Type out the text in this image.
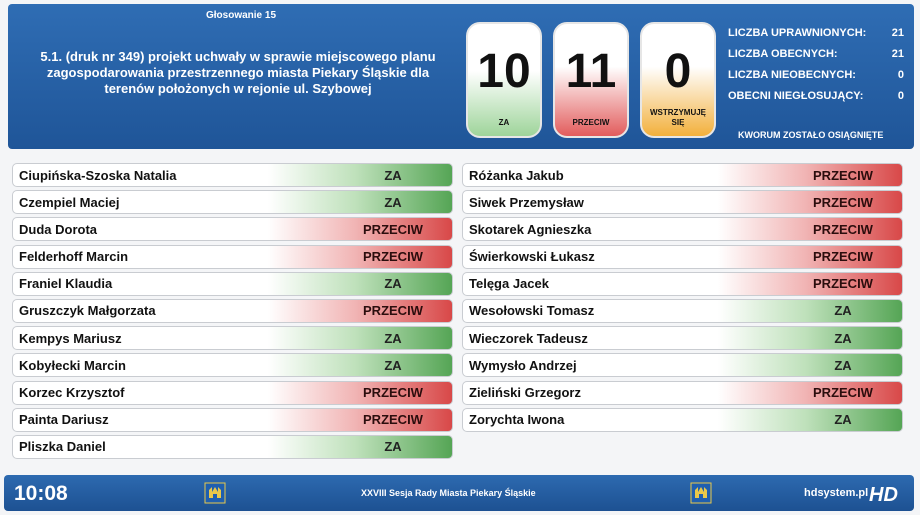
Głosowanie 15
5.1. (druk nr 349) projekt uchwały w sprawie miejscowego planu zagospodarowania przestrzennego miasta Piekary Śląskie dla terenów położonych w rejonie ul. Szybowej	10
ZA
11
PRZECIW
0
WSTRZYMUJĘ SIĘ
LICZBA UPRAWNIONYCH: 21
LICZBA OBECNYCH:	21
LICZBA NIEOBECNYCH:	0
OBECNI NIEGŁOSUJĄCY:	0
KWORUM ZOSTAŁO OSIĄGNIĘTE
Ciupińska-Szoska Natalia	ZA
Czempiel Maciej	ZA
Duda Dorota	PRZECIW
Felderhoff Marcin	PRZECIW
Franiel Klaudia	ZA
Gruszczyk Małgorzata	PRZECIW
Kempys Mariusz	ZA
Kobyłecki Marcin	ZA
Korzec Krzysztof	PRZECIW
Painta Dariusz	PRZECIW
Pliszka Daniel	ZA
Różanka Jakub	PRZECIW
Siwek Przemysław	PRZECIW
Skotarek Agnieszka	PRZECIW
Świerkowski Łukasz	PRZECIW
Telęga Jacek	PRZECIW
Wesołowski Tomasz	ZA
Wieczorek Tadeusz	ZA
Wymysło Andrzej	ZA
Zieliński Grzegorz	PRZECIW
Zorychta Iwona	ZA
10:08	XXVIII Sesja Rady Miasta Piekary Śląskie	hdsystem.pl HD
